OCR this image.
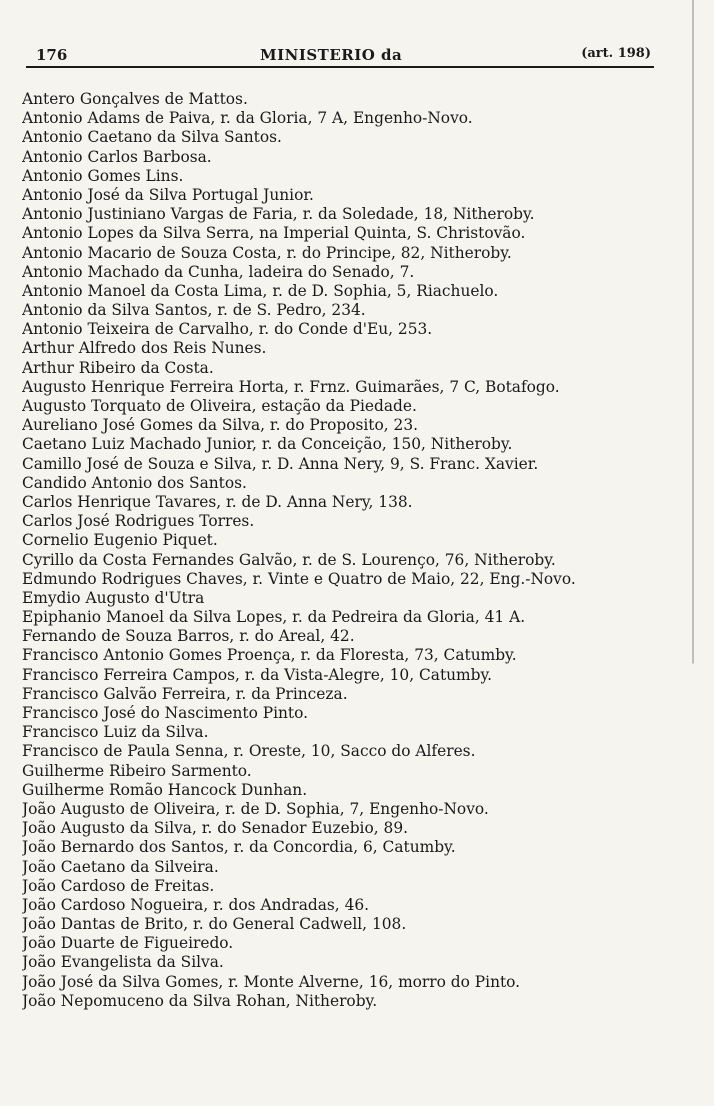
176	MINISTERIO da	(art. 198)
Antero Gonçalves de Mattos.
Antonio Adams de Paiva, r. da Gloria, 7 A, Engenho-Novo.
Antonio Caetano da Silva Santos.
Antonio Carlos Barbosa.
Antonio Gomes Lins.
Antonio José da Silva Portugal Junior.
Antonio Justiniano Vargas de Faria, r. da Soledade, 18, Nitheroby.
Antonio Lopes da Silva Serra, na Imperial Quinta, S. Christovão.
Antonio Macario de Souza Costa, r. do Principe, 82, Nitheroby.
Antonio Machado da Cunha, ladeira do Senado, 7.
Antonio Manoel da Costa Lima, r. de D. Sophia, 5, Riachuelo.
Antonio da Silva Santos, r. de S. Pedro, 234.
Antonio Teixeira de Carvalho, r. do Conde d'Eu, 253.
Arthur Alfredo dos Reis Nunes.
Arthur Ribeiro da Costa.
Augusto Henrique Ferreira Horta, r. Frnz. Guimarães, 7 C, Botafogo.
Augusto Torquato de Oliveira, estação da Piedade.
Aureliano José Gomes da Silva, r. do Proposito, 23.
Caetano Luiz Machado Junior, r. da Conceição, 150, Nitheroby.
Camillo José de Souza e Silva, r. D. Anna Nery, 9, S. Franc. Xavier.
Candido Antonio dos Santos.
Carlos Henrique Tavares, r. de D. Anna Nery, 138.
Carlos José Rodrigues Torres.
Cornelio Eugenio Piquet.
Cyrillo da Costa Fernandes Galvão, r. de S. Lourenço, 76, Nitheroby.
Edmundo Rodrigues Chaves, r. Vinte e Quatro de Maio, 22, Eng.-Novo.
Emydio Augusto d'Utra
Epiphanio Manoel da Silva Lopes, r. da Pedreira da Gloria, 41 A.
Fernando de Souza Barros, r. do Areal, 42.
Francisco Antonio Gomes Proença, r. da Floresta, 73, Catumby.
Francisco Ferreira Campos, r. da Vista-Alegre, 10, Catumby.
Francisco Galvão Ferreira, r. da Princeza.
Francisco José do Nascimento Pinto.
Francisco Luiz da Silva.
Francisco de Paula Senna, r. Oreste, 10, Sacco do Alferes.
Guilherme Ribeiro Sarmento.
Guilherme Romão Hancock Dunhan.
João Augusto de Oliveira, r. de D. Sophia, 7, Engenho-Novo.
João Augusto da Silva, r. do Senador Euzebio, 89.
João Bernardo dos Santos, r. da Concordia, 6, Catumby.
João Caetano da Silveira.
João Cardoso de Freitas.
João Cardoso Nogueira, r. dos Andradas, 46.
João Dantas de Brito, r. do General Cadwell, 108.
João Duarte de Figueiredo.
João Evangelista da Silva.
João José da Silva Gomes, r. Monte Alverne, 16, morro do Pinto.
João Nepomuceno da Silva Rohan, Nitheroby.
